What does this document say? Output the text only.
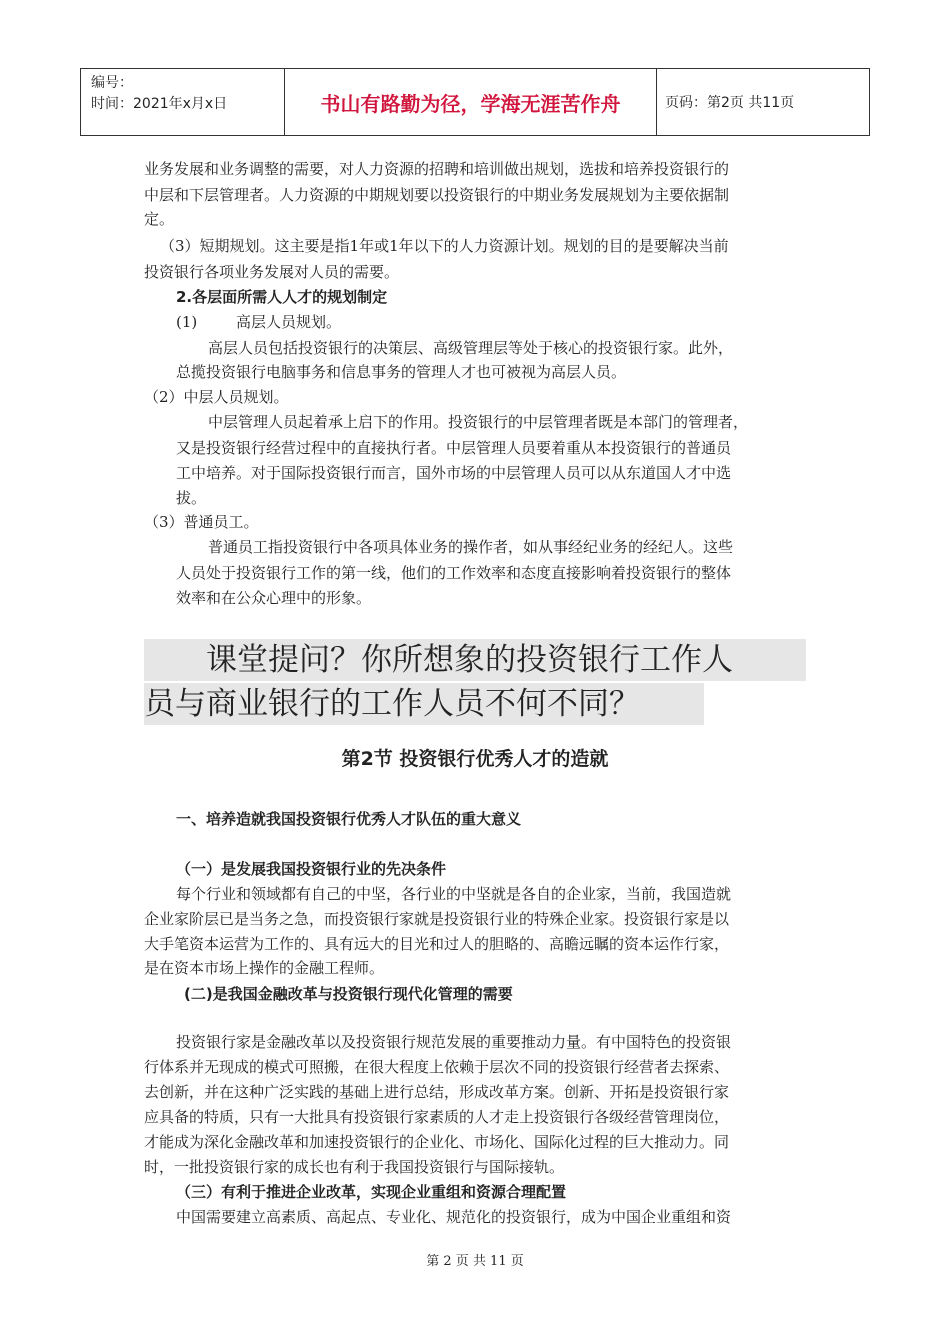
编号：
时间：2021年x月x日	书山有路勤为径，学海无涯苦作舟	页码：第2页 共11页
业务发展和业务调整的需要，对人力资源的招聘和培训做出规划，选拔和培养投资银行的
中层和下层管理者。人力资源的中期规划要以投资银行的中期业务发展规划为主要依据制
定。
（3）短期规划。这主要是指1年或1年以下的人力资源计划。规划的目的是要解决当前
投资银行各项业务发展对人员的需要。
2.各层面所需人人才的规划制定
(1)	高层人员规划。
高层人员包括投资银行的决策层、高级管理层等处于核心的投资银行家。此外，
总揽投资银行电脑事务和信息事务的管理人才也可被视为高层人员。
（2）中层人员规划。
中层管理人员起着承上启下的作用。投资银行的中层管理者既是本部门的管理者，
又是投资银行经营过程中的直接执行者。中层管理人员要着重从本投资银行的普通员
工中培养。对于国际投资银行而言，国外市场的中层管理人员可以从东道国人才中选
拔。
（3）普通员工。
普通员工指投资银行中各项具体业务的操作者，如从事经纪业务的经纪人。这些
人员处于投资银行工作的第一线，他们的工作效率和态度直接影响着投资银行的整体
效率和在公众心理中的形象。
课堂提问？你所想象的投资银行工作人
员与商业银行的工作人员不何不同？
第2节 投资银行优秀人才的造就
一、培养造就我国投资银行优秀人才队伍的重大意义
（一）是发展我国投资银行业的先决条件
每个行业和领域都有自己的中坚，各行业的中坚就是各自的企业家，当前，我国造就
企业家阶层已是当务之急，而投资银行家就是投资银行业的特殊企业家。投资银行家是以
大手笔资本运营为工作的、具有远大的目光和过人的胆略的、高瞻远瞩的资本运作行家，
是在资本市场上操作的金融工程师。
(二)是我国金融改革与投资银行现代化管理的需要
投资银行家是金融改革以及投资银行规范发展的重要推动力量。有中国特色的投资银
行体系并无现成的模式可照搬，在很大程度上依赖于层次不同的投资银行经营者去探索、
去创新，并在这种广泛实践的基础上进行总结，形成改革方案。创新、开拓是投资银行家
应具备的特质，只有一大批具有投资银行家素质的人才走上投资银行各级经营管理岗位，
才能成为深化金融改革和加速投资银行的企业化、市场化、国际化过程的巨大推动力。同
时，一批投资银行家的成长也有利于我国投资银行与国际接轨。
（三）有利于推进企业改革，实现企业重组和资源合理配置
中国需要建立高素质、高起点、专业化、规范化的投资银行，成为中国企业重组和资
第 2 页 共 11 页
